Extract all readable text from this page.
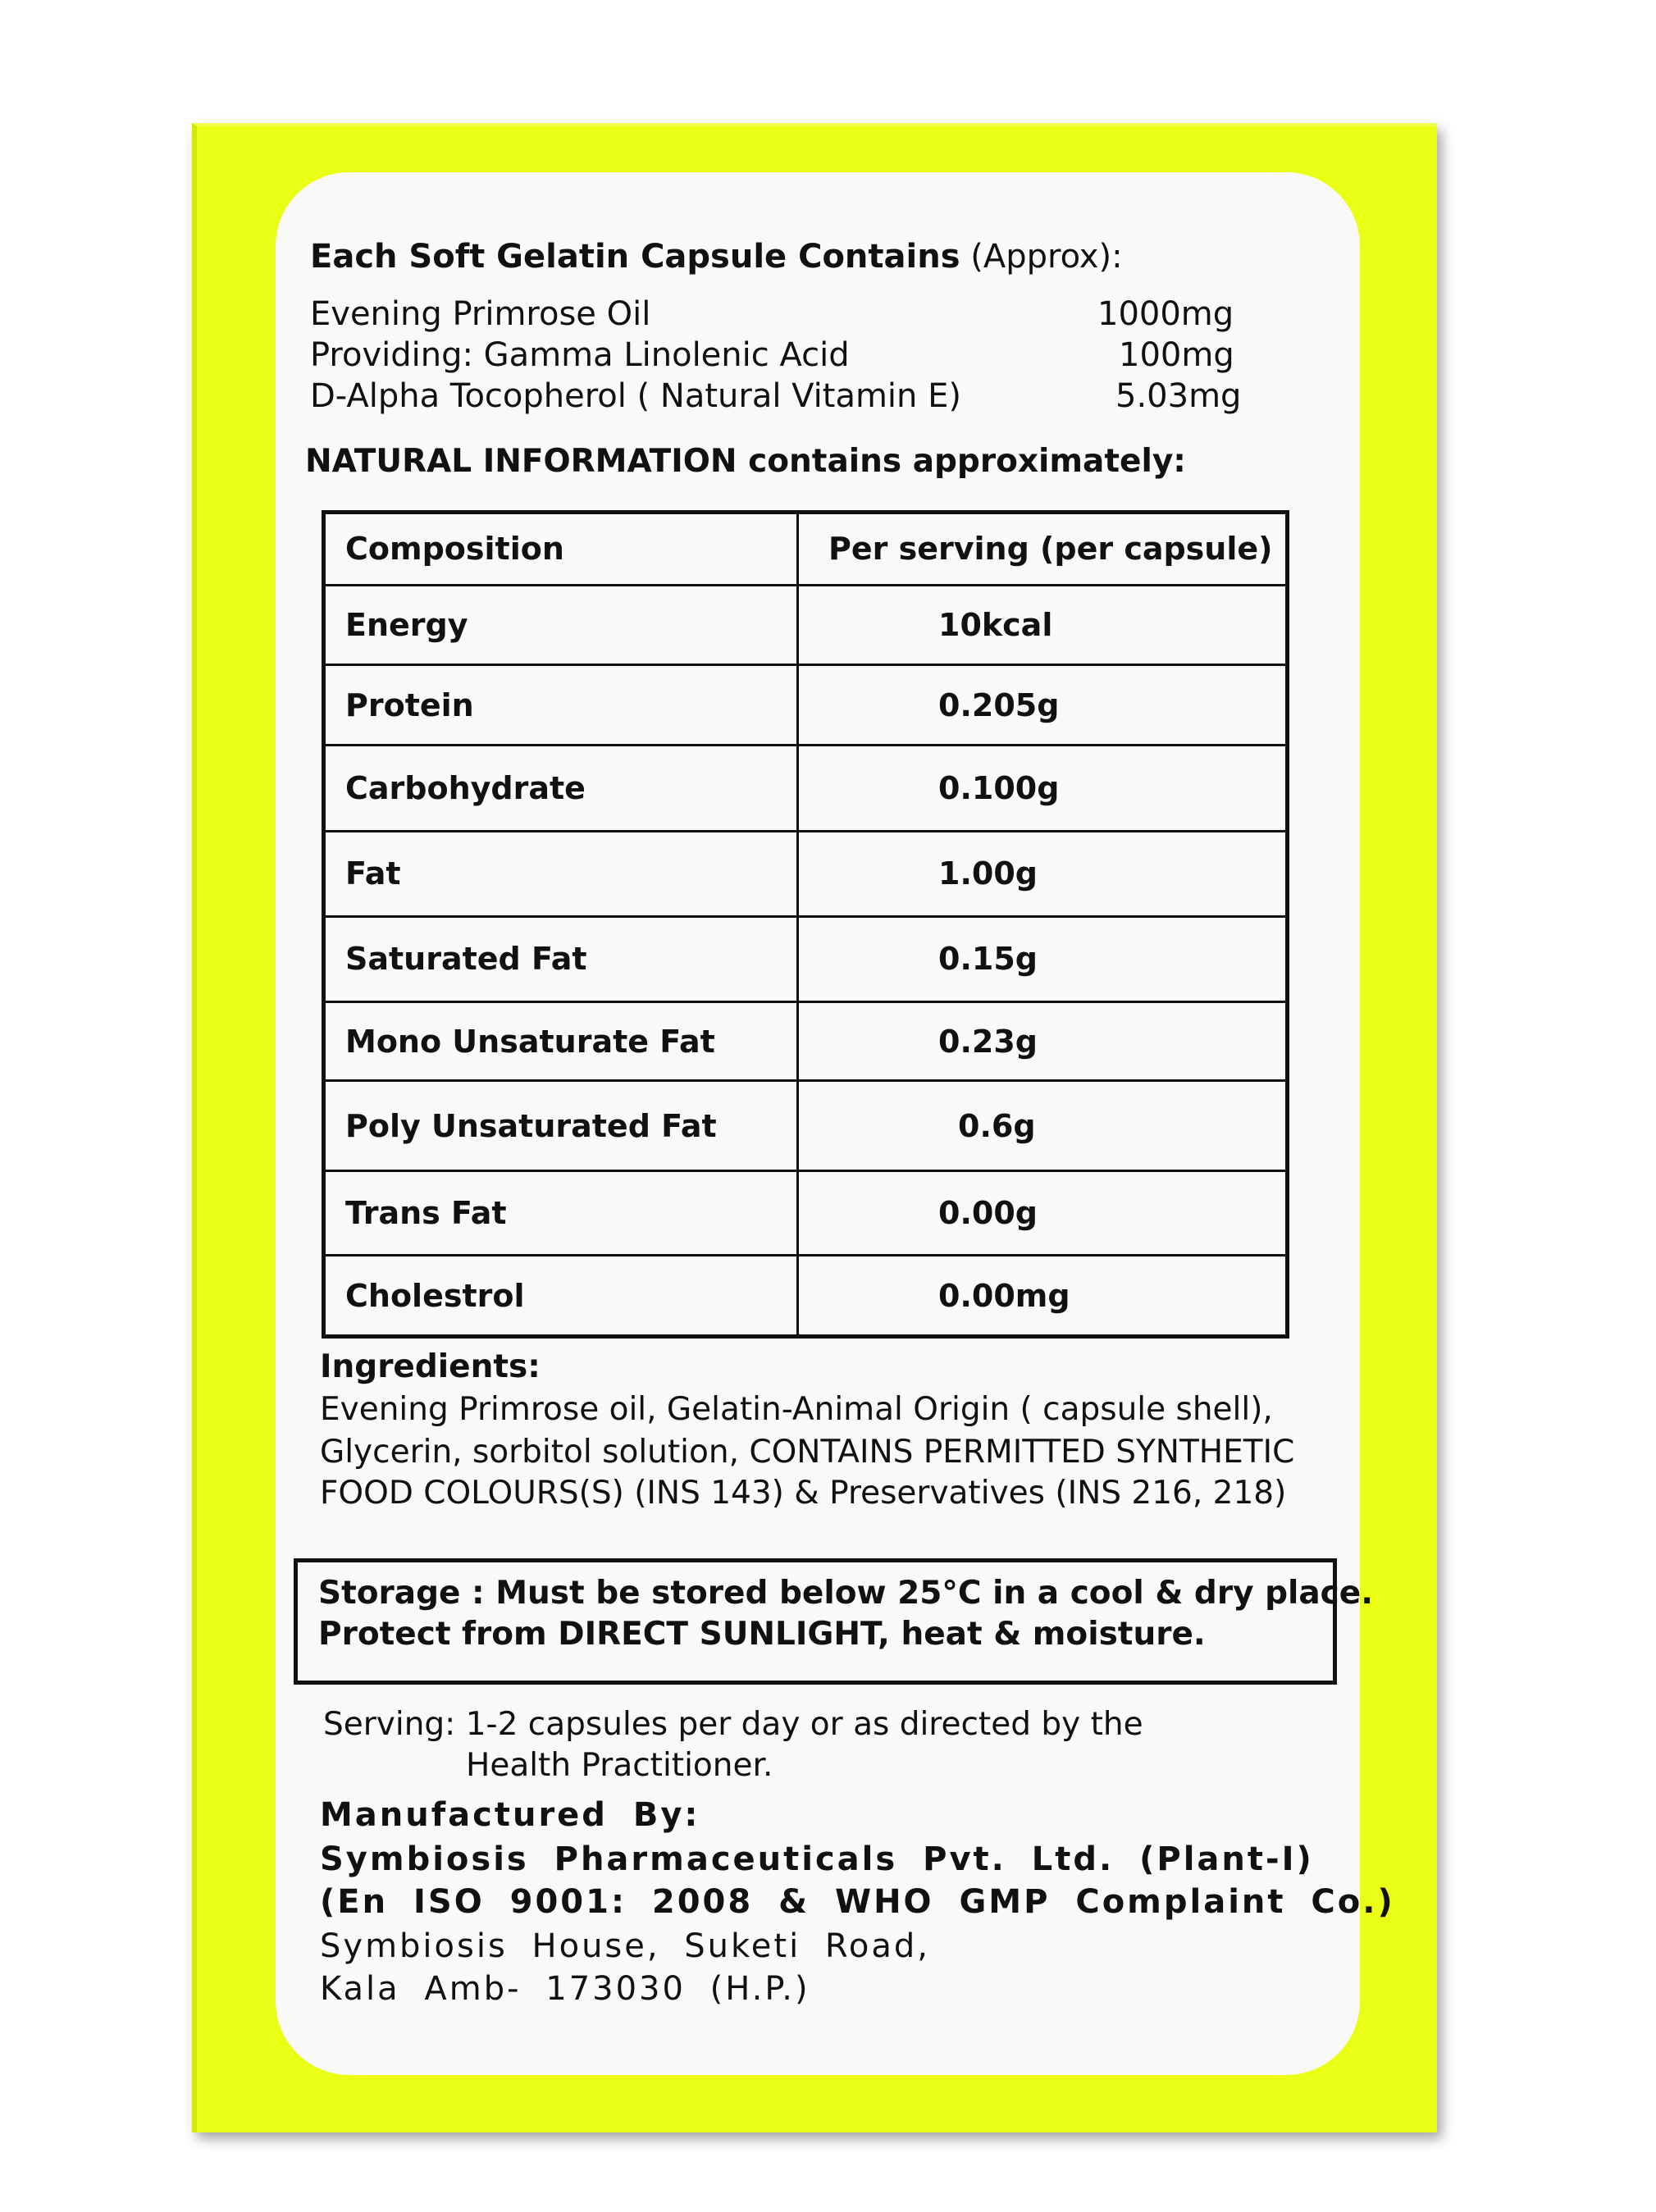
Each Soft Gelatin Capsule Contains (Approx):
Evening Primrose Oil	1000mg
Providing: Gamma Linolenic Acid	100mg
D-Alpha Tocopherol ( Natural Vitamin E)	5.03mg
NATURAL INFORMATION contains approximately:
Composition	Per serving (per capsule)
Energy	10kcal
Protein	0.205g
Carbohydrate	0.100g
Fat	1.00g
Saturated Fat	0.15g
Mono Unsaturate Fat	0.23g
Poly Unsaturated Fat	0.6g
Trans Fat	0.00g
Cholestrol	0.00mg
Ingredients:
Evening Primrose oil, Gelatin-Animal Origin ( capsule shell),
Glycerin, sorbitol solution, CONTAINS PERMITTED SYNTHETIC
FOOD COLOURS(S) (INS 143) & Preservatives (INS 216, 218)
Storage : Must be stored below 25°C in a cool & dry place.
Protect from DIRECT SUNLIGHT, heat & moisture.
Serving: 1-2 capsules per day or as directed by the
Health Practitioner.
Manufactured By:
Symbiosis Pharmaceuticals Pvt. Ltd. (Plant-I)
(En ISO 9001: 2008 & WHO GMP Complaint Co.)
Symbiosis House, Suketi Road,
Kala Amb- 173030 (H.P.)
